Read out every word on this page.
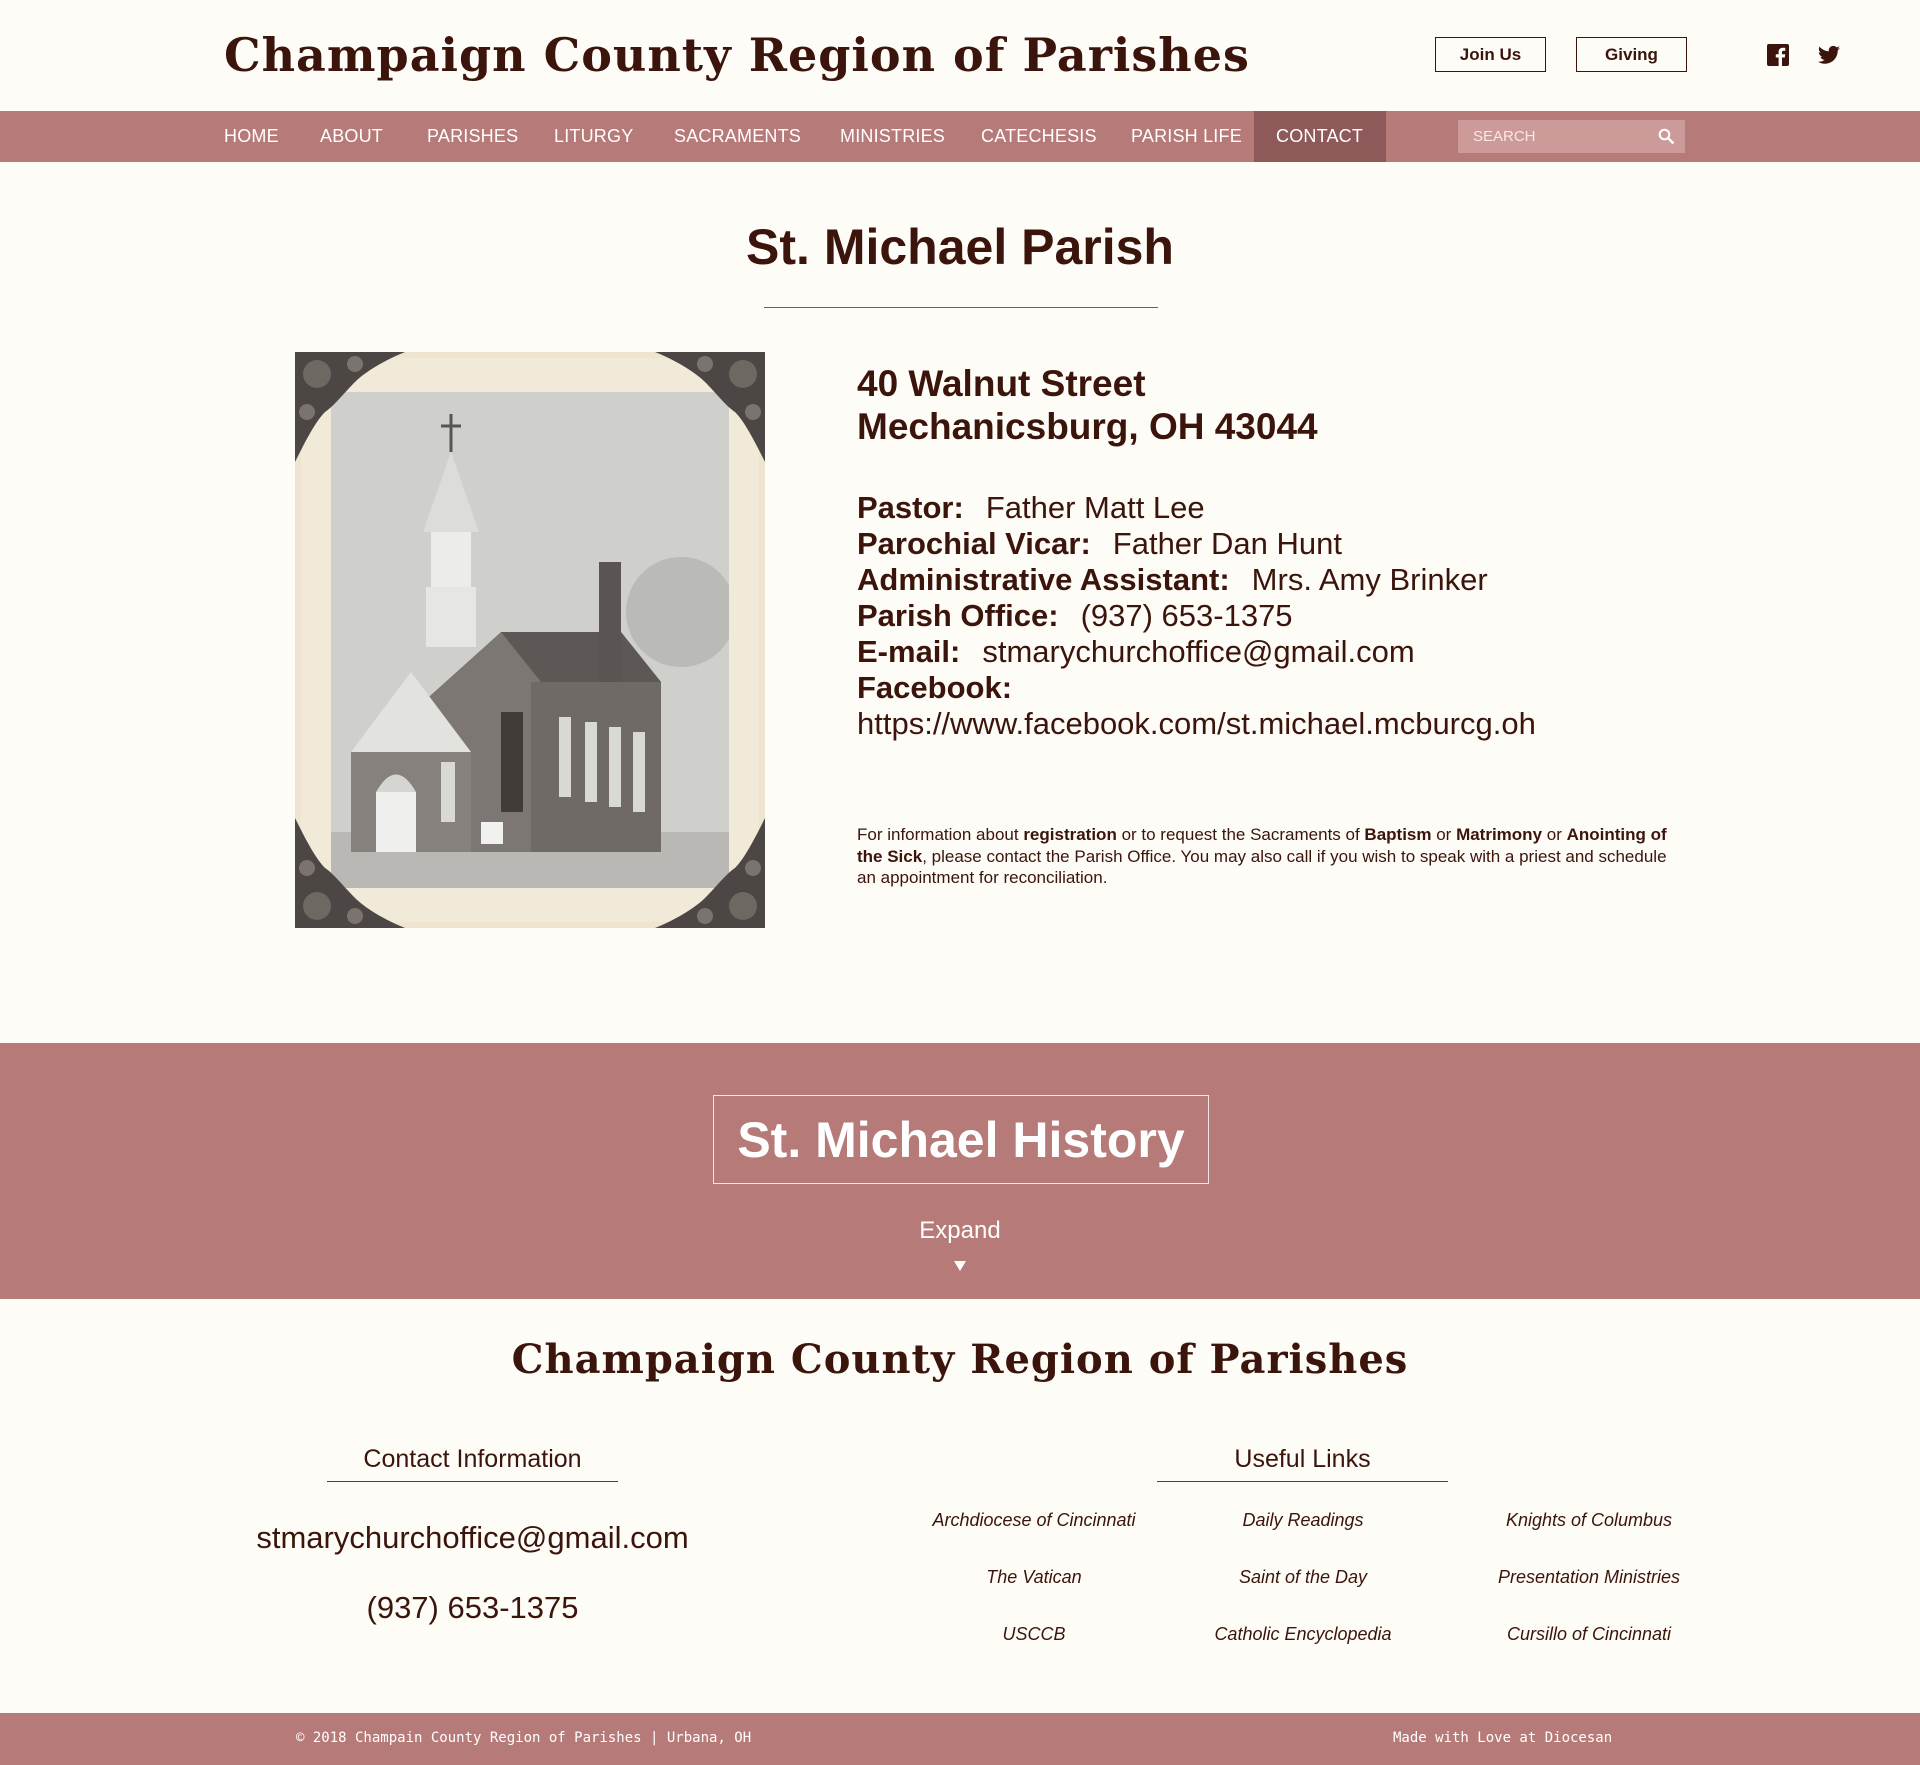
Champaign County Region of Parishes	Join Us	Giving
HOME	ABOUT	PARISHES	LITURGY	SACRAMENTS	MINISTRIES	CATECHESIS	PARISH LIFE	CONTACT
SEARCH
St. Michael Parish
40 Walnut Street
Mechanicsburg, OH 43044
Pastor: Father Matt Lee
Parochial Vicar: Father Dan Hunt
Administrative Assistant: Mrs. Amy Brinker
Parish Office: (937) 653-1375
E-mail: stmarychurchoffice@gmail.com
Facebook:
https://www.facebook.com/st.michael.mcburcg.oh
For information about registration or to request the Sacraments of Baptism or Matrimony or Anointing of the Sick, please contact the Parish Office. You may also call if you wish to speak with a priest and schedule an appointment for reconciliation.
St. Michael History
Expand
Champaign County Region of Parishes
Contact Information
stmarychurchoffice@gmail.com
(937) 653-1375
Useful Links
Archdiocese of Cincinnati	Daily Readings	Knights of Columbus
The Vatican	Saint of the Day	Presentation Ministries
USCCB	Catholic Encyclopedia	Cursillo of Cincinnati
© 2018 Champain County Region of Parishes | Urbana, OH	Made with Love at Diocesan
